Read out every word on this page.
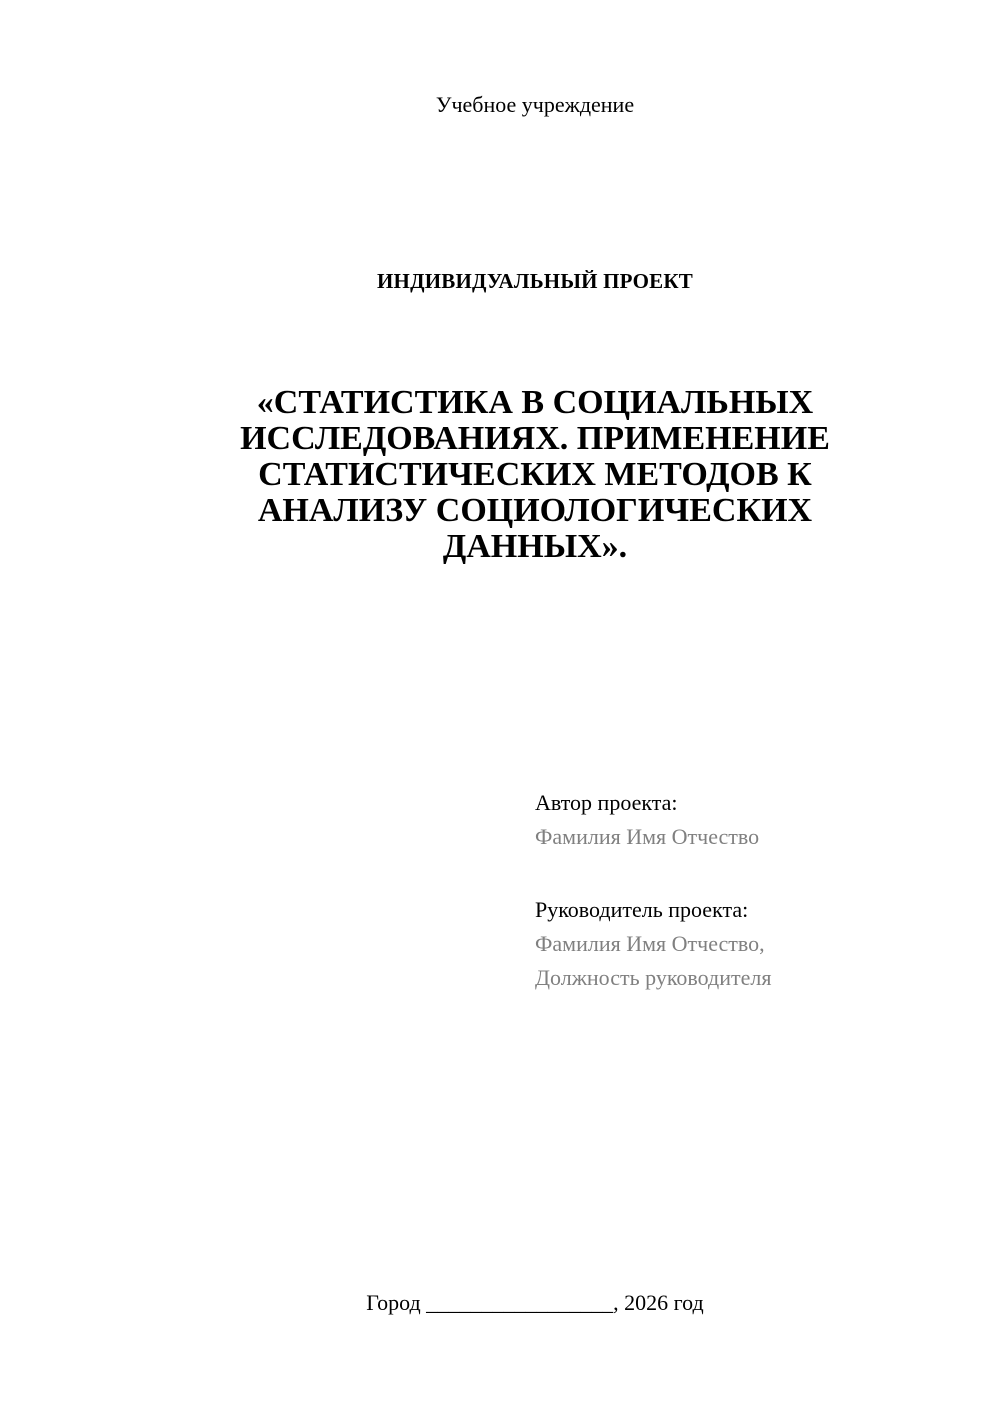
Учебное учреждение
ИНДИВИДУАЛЬНЫЙ ПРОЕКТ
«СТАТИСТИКА В СОЦИАЛЬНЫХ ИССЛЕДОВАНИЯХ. ПРИМЕНЕНИЕ СТАТИСТИЧЕСКИХ МЕТОДОВ К АНАЛИЗУ СОЦИОЛОГИЧЕСКИХ ДАННЫХ».
Автор проекта:
Фамилия Имя Отчество
Руководитель проекта:
Фамилия Имя Отчество,
Должность руководителя
Город _________________, 2026 год
